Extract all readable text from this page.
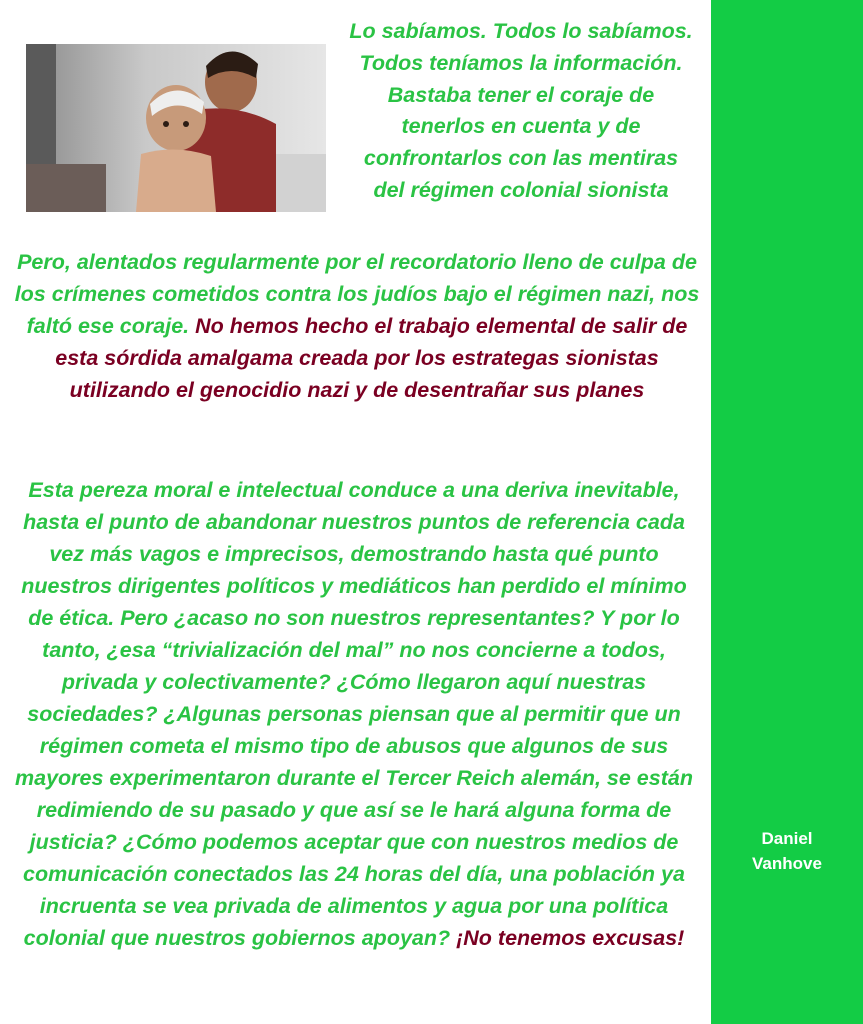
Lo sabíamos. Todos lo sabíamos. Todos teníamos la información. Bastaba tener el coraje de tenerlos en cuenta y de confrontarlos con las mentiras del régimen colonial sionista

Pero, alentados regularmente por el recordatorio lleno de culpa de los crímenes cometidos contra los judíos bajo el régimen nazi, nos faltó ese coraje. No hemos hecho el trabajo elemental de salir de esta sórdida amalgama creada por los estrategas sionistas utilizando el genocidio nazi y de desentrañar sus planes

Esta pereza moral e intelectual conduce a una deriva inevitable, hasta el punto de abandonar nuestros puntos de referencia cada vez más vagos e imprecisos, demostrando hasta qué punto nuestros dirigentes políticos y mediáticos han perdido el mínimo de ética. Pero ¿acaso no son nuestros representantes? Y por lo tanto, ¿esa “trivialización del mal” no nos concierne a todos, privada y colectivamente? ¿Cómo llegaron aquí nuestras sociedades? ¿Algunas personas piensan que al permitir que un régimen cometa el mismo tipo de abusos que algunos de sus mayores experimentaron durante el Tercer Reich alemán, se están redimiendo de su pasado y que así se le hará alguna forma de justicia? ¿Cómo podemos aceptar que con nuestros medios de comunicación conectados las 24 horas del día, una población ya incruenta se vea privada de alimentos y agua por una política colonial que nuestros gobiernos apoyan? ¡No tenemos excusas!

Daniel
Vanhove
